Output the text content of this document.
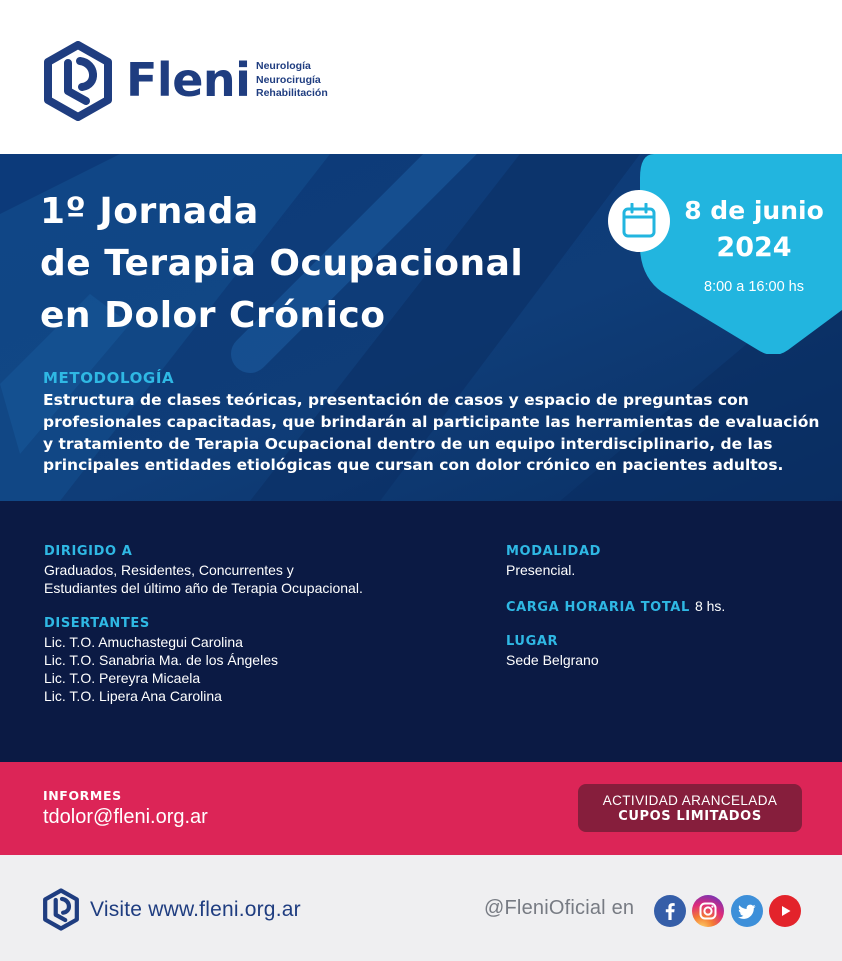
Fleni Neurología
Neurocirugía
Rehabilitación
1º Jornada
de Terapia Ocupacional
en Dolor Crónico
8 de junio
2024
8:00 a 16:00 hs
METODOLOGÍA
Estructura de clases teóricas, presentación de casos y espacio de preguntas con
profesionales capacitadas, que brindarán al participante las herramientas de evaluación
y tratamiento de Terapia Ocupacional dentro de un equipo interdisciplinario, de las
principales entidades etiológicas que cursan con dolor crónico en pacientes adultos.
DIRIGIDO A
Graduados, Residentes, Concurrentes y
Estudiantes del último año de Terapia Ocupacional.
DISERTANTES
Lic. T.O. Amuchastegui Carolina
Lic. T.O. Sanabria Ma. de los Ángeles
Lic. T.O. Pereyra Micaela
Lic. T.O. Lipera Ana Carolina
MODALIDAD
Presencial.
CARGA HORARIA TOTAL 8 hs.
LUGAR
Sede Belgrano
INFORMES
tdolor@fleni.org.ar
ACTIVIDAD ARANCELADA
CUPOS LIMITADOS
Visite www.fleni.org.ar	@FleniOficial en
